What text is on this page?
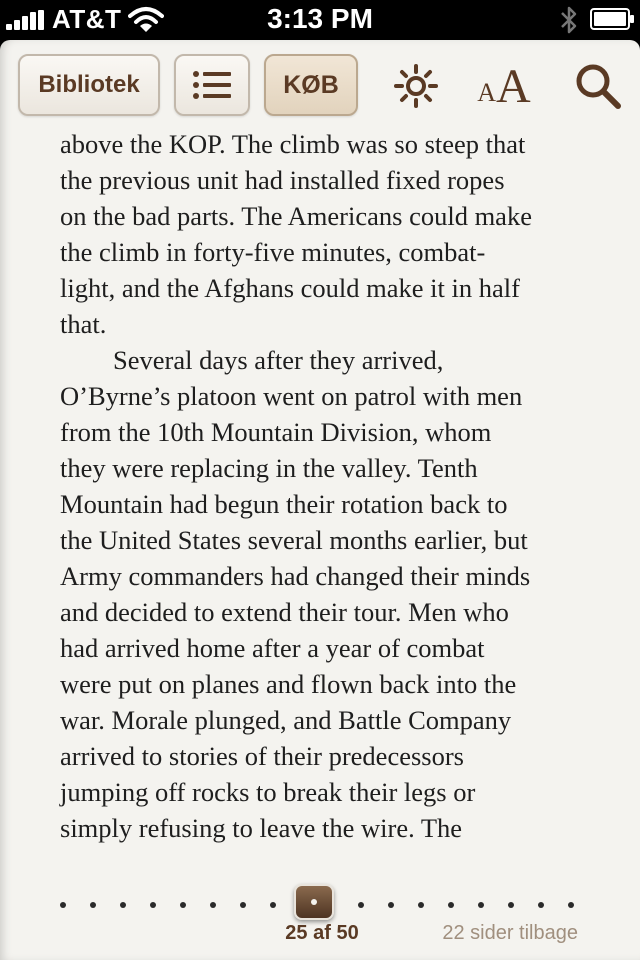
AT&T	3:13 PM
Bibliotek	KØB	A A
above the KOP. The climb was so steep that
the previous unit had installed fixed ropes
on the bad parts. The Americans could make
the climb in forty-five minutes, combat-
light, and the Afghans could make it in half
that.
Several days after they arrived,
O’Byrne’s platoon went on patrol with men
from the 10th Mountain Division, whom
they were replacing in the valley. Tenth
Mountain had begun their rotation back to
the United States several months earlier, but
Army commanders had changed their minds
and decided to extend their tour. Men who
had arrived home after a year of combat
were put on planes and flown back into the
war. Morale plunged, and Battle Company
arrived to stories of their predecessors
jumping off rocks to break their legs or
simply refusing to leave the wire. The
25 af 50	22 sider tilbage
